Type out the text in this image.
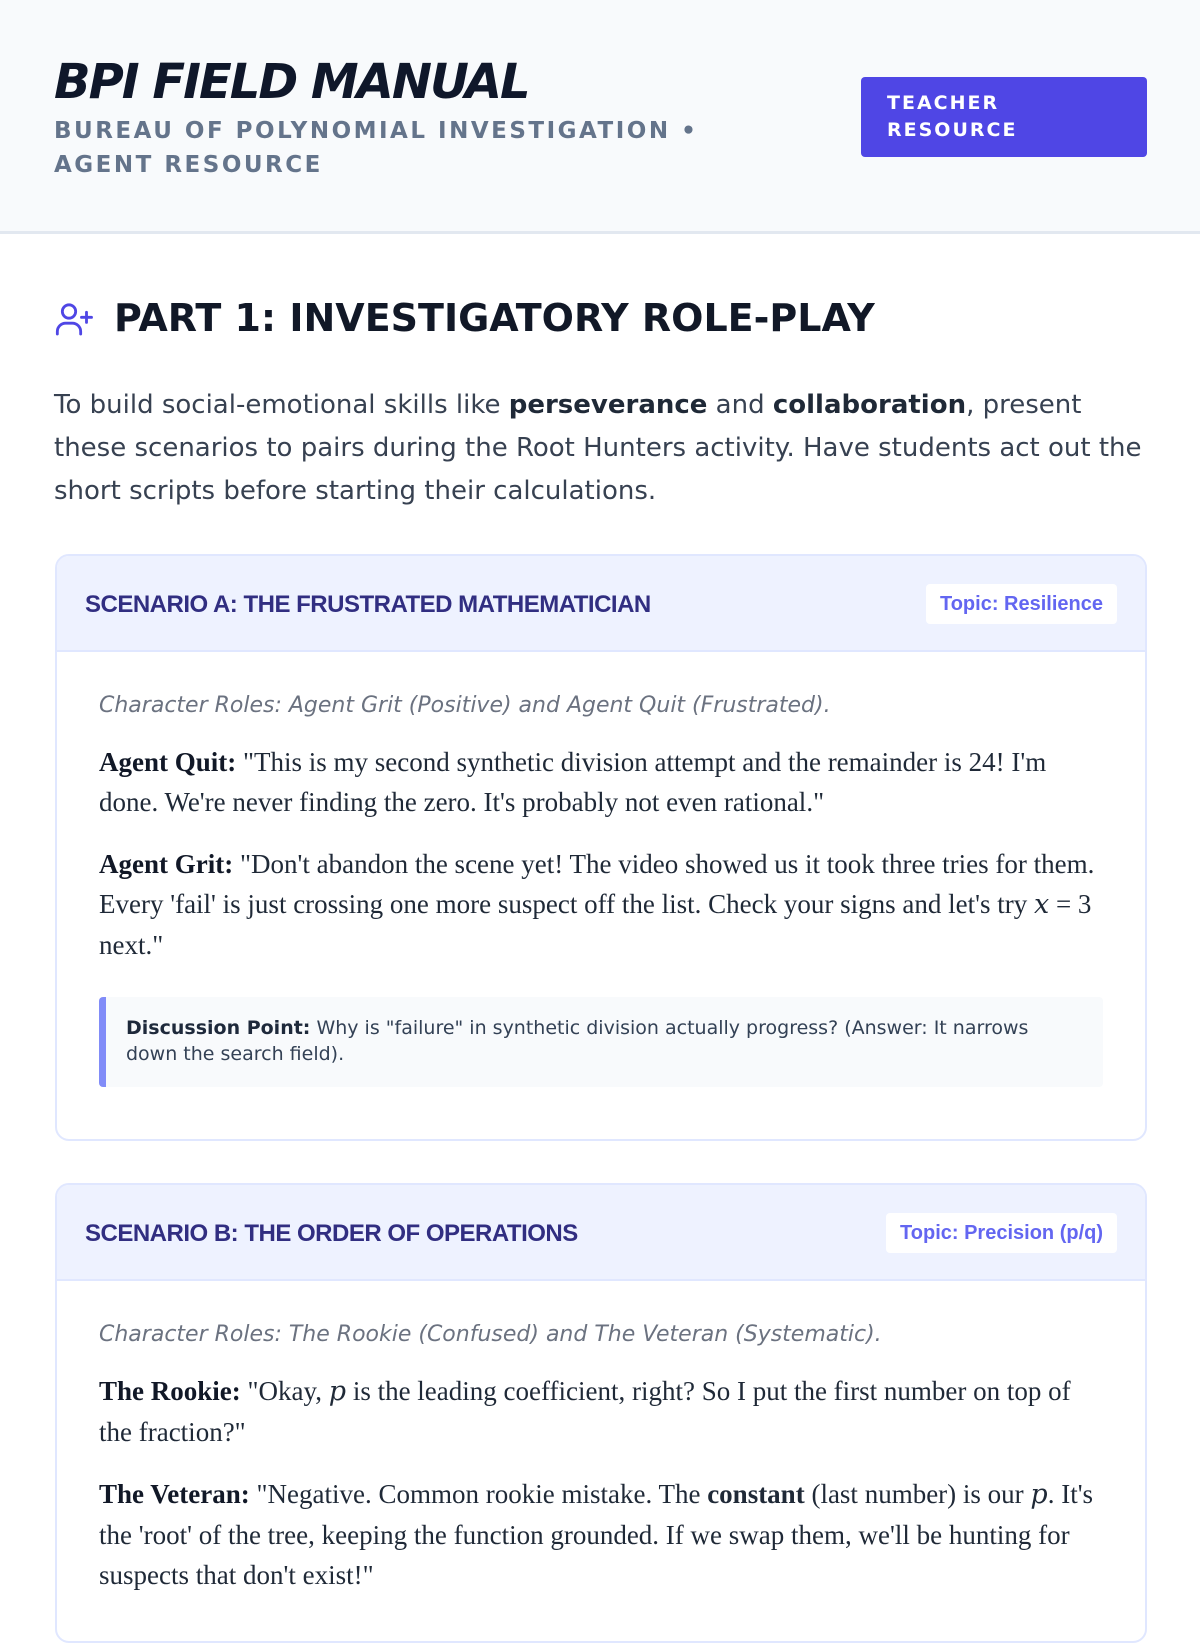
BPI FIELD MANUAL
BUREAU OF POLYNOMIAL INVESTIGATION • AGENT RESOURCE
TEACHER RESOURCE
PART 1: INVESTIGATORY ROLE-PLAY

To build social-emotional skills like perseverance and collaboration, present these scenarios to pairs during the Root Hunters activity. Have students act out the short scripts before starting their calculations.

SCENARIO A: THE FRUSTRATED MATHEMATICIAN	Topic: Resilience

Character Roles: Agent Grit (Positive) and Agent Quit (Frustrated).

Agent Quit: "This is my second synthetic division attempt and the remainder is 24! I'm done. We're never finding the zero. It's probably not even rational."

Agent Grit: "Don't abandon the scene yet! The video showed us it took three tries for them. Every 'fail' is just crossing one more suspect off the list. Check your signs and let's try x = 3 next."

Discussion Point: Why is "failure" in synthetic division actually progress? (Answer: It narrows down the search field).
SCENARIO B: THE ORDER OF OPERATIONS	Topic: Precision (p/q)

Character Roles: The Rookie (Confused) and The Veteran (Systematic).

The Rookie: "Okay, p is the leading coefficient, right? So I put the first number on top of the fraction?"

The Veteran: "Negative. Common rookie mistake. The constant (last number) is our p. It's the 'root' of the tree, keeping the function grounded. If we swap them, we'll be hunting for suspects that don't exist!"
